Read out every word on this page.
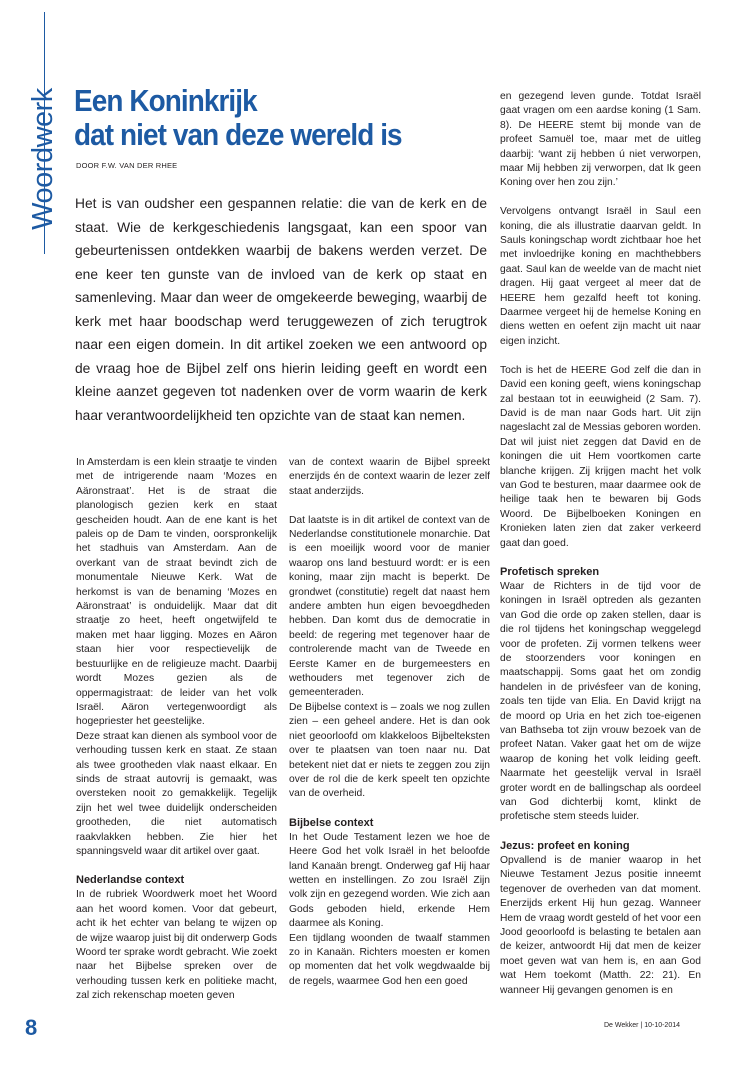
Woordwerk Een Koninkrijk
dat niet van deze wereld is
DOOR F.W. VAN DER RHEE

Het is van oudsher een gespannen relatie: die van de kerk en de staat. Wie de kerkgeschiedenis langsgaat, kan een spoor van gebeurtenissen ontdekken waarbij de bakens werden verzet. De ene keer ten gunste van de invloed van de kerk op staat en samenleving. Maar dan weer de omgekeerde beweging, waarbij de kerk met haar boodschap werd teruggewezen of zich terugtrok naar een eigen domein. In dit artikel zoeken we een antwoord op de vraag hoe de Bijbel zelf ons hierin leiding geeft en wordt een kleine aanzet gegeven tot nadenken over de vorm waarin de kerk haar verantwoordelijkheid ten opzichte van de staat kan nemen.

In Amsterdam is een klein straatje te vinden met de intrigerende naam ‘Mozes en Aäronstraat’. Het is de straat die planologisch gezien kerk en staat gescheiden houdt. Aan de ene kant is het paleis op de Dam te vinden, oorspronkelijk het stadhuis van Amsterdam. Aan de overkant van de straat bevindt zich de monumentale Nieuwe Kerk. Wat de herkomst is van de benaming ‘Mozes en Aäronstraat’ is onduidelijk. Maar dat dit straatje zo heet, heeft ongetwijfeld te maken met haar ligging. Mozes en Aäron staan hier voor respectievelijk de bestuurlijke en de religieuze macht. Daarbij wordt Mozes gezien als de oppermagistraat: de leider van het volk Israël. Aäron vertegenwoordigt als hogepriester het geestelijke.

Deze straat kan dienen als symbool voor de verhouding tussen kerk en staat. Ze staan als twee grootheden vlak naast elkaar. En sinds de straat autovrij is gemaakt, was oversteken nooit zo gemakkelijk. Tegelijk zijn het wel twee duidelijk onderscheiden grootheden, die niet automatisch raakvlakken hebben. Zie hier het spanningsveld waar dit artikel over gaat.

Nederlandse context

In de rubriek Woordwerk moet het Woord aan het woord komen. Voor dat gebeurt, acht ik het echter van belang te wijzen op de wijze waarop juist bij dit onderwerp Gods Woord ter sprake wordt gebracht. Wie zoekt naar het Bijbelse spreken over de verhouding tussen kerk en politieke macht, zal zich rekenschap moeten geven

van de context waarin de Bijbel spreekt enerzijds én de context waarin de lezer zelf staat anderzijds.

Dat laatste is in dit artikel de context van de Nederlandse constitutionele monarchie. Dat is een moeilijk woord voor de manier waarop ons land bestuurd wordt: er is een koning, maar zijn macht is beperkt. De grondwet (constitutie) regelt dat naast hem andere ambten hun eigen bevoegdheden hebben. Dan komt dus de democratie in beeld: de regering met tegenover haar de controlerende macht van de Tweede en Eerste Kamer en de burgemeesters en wethouders met tegenover zich de gemeenteraden.

De Bijbelse context is – zoals we nog zullen zien – een geheel andere. Het is dan ook niet geoorloofd om klakkeloos Bijbelteksten over te plaatsen van toen naar nu. Dat betekent niet dat er niets te zeggen zou zijn over de rol die de kerk speelt ten opzichte van de overheid.

Bijbelse context

In het Oude Testament lezen we hoe de Heere God het volk Israël in het beloofde land Kanaän brengt. Onderweg gaf Hij haar wetten en instellingen. Zo zou Israël Zijn volk zijn en gezegend worden. Wie zich aan Gods geboden hield, erkende Hem daarmee als Koning.

Een tijdlang woonden de twaalf stammen zo in Kanaän. Richters moesten er komen op momenten dat het volk wegdwaalde bij de regels, waarmee God hen een goed

en gezegend leven gunde. Totdat Israël gaat vragen om een aardse koning (1 Sam. 8). De HEERE stemt bij monde van de profeet Samuël toe, maar met de uitleg daarbij: ‘want zij hebben ú niet verworpen, maar Mij hebben zij verworpen, dat Ik geen Koning over hen zou zijn.’

Vervolgens ontvangt Israël in Saul een koning, die als illustratie daarvan geldt. In Sauls koningschap wordt zichtbaar hoe het met invloedrijke koning en machthebbers gaat. Saul kan de weelde van de macht niet dragen. Hij gaat vergeet al meer dat de HEERE hem gezalfd heeft tot koning. Daarmee vergeet hij de hemelse Koning en diens wetten en oefent zijn macht uit naar eigen inzicht.

Toch is het de HEERE God zelf die dan in David een koning geeft, wiens koningschap zal bestaan tot in eeuwigheid (2 Sam. 7). David is de man naar Gods hart. Uit zijn nageslacht zal de Messias geboren worden. Dat wil juist niet zeggen dat David en de koningen die uit Hem voortkomen carte blanche krijgen. Zij krijgen macht het volk van God te besturen, maar daarmee ook de heilige taak hen te bewaren bij Gods Woord. De Bijbelboeken Koningen en Kronieken laten zien dat zaker verkeerd gaat dan goed.

Profetisch spreken

Waar de Richters in de tijd voor de koningen in Israël optreden als gezanten van God die orde op zaken stellen, daar is die rol tijdens het koningschap weggelegd voor de profeten. Zij vormen telkens weer de stoorzenders voor koningen en maatschappij. Soms gaat het om zondig handelen in de privésfeer van de koning, zoals ten tijde van Elia. En David krijgt na de moord op Uria en het zich toe-eigenen van Bathseba tot zijn vrouw bezoek van de profeet Natan. Vaker gaat het om de wijze waarop de koning het volk leiding geeft. Naarmate het geestelijk verval in Israël groter wordt en de ballingschap als oordeel van God dichterbij komt, klinkt de profetische stem steeds luider.

Jezus: profeet en koning

Opvallend is de manier waarop in het Nieuwe Testament Jezus positie inneemt tegenover de overheden van dat moment. Enerzijds erkent Hij hun gezag. Wanneer Hem de vraag wordt gesteld of het voor een Jood geoorloofd is belasting te betalen aan de keizer, antwoordt Hij dat men de keizer moet geven wat van hem is, en aan God wat Hem toekomt (Matth. 22: 21). En wanneer Hij gevangen genomen is en

8	De Wekker | 10-10-2014
